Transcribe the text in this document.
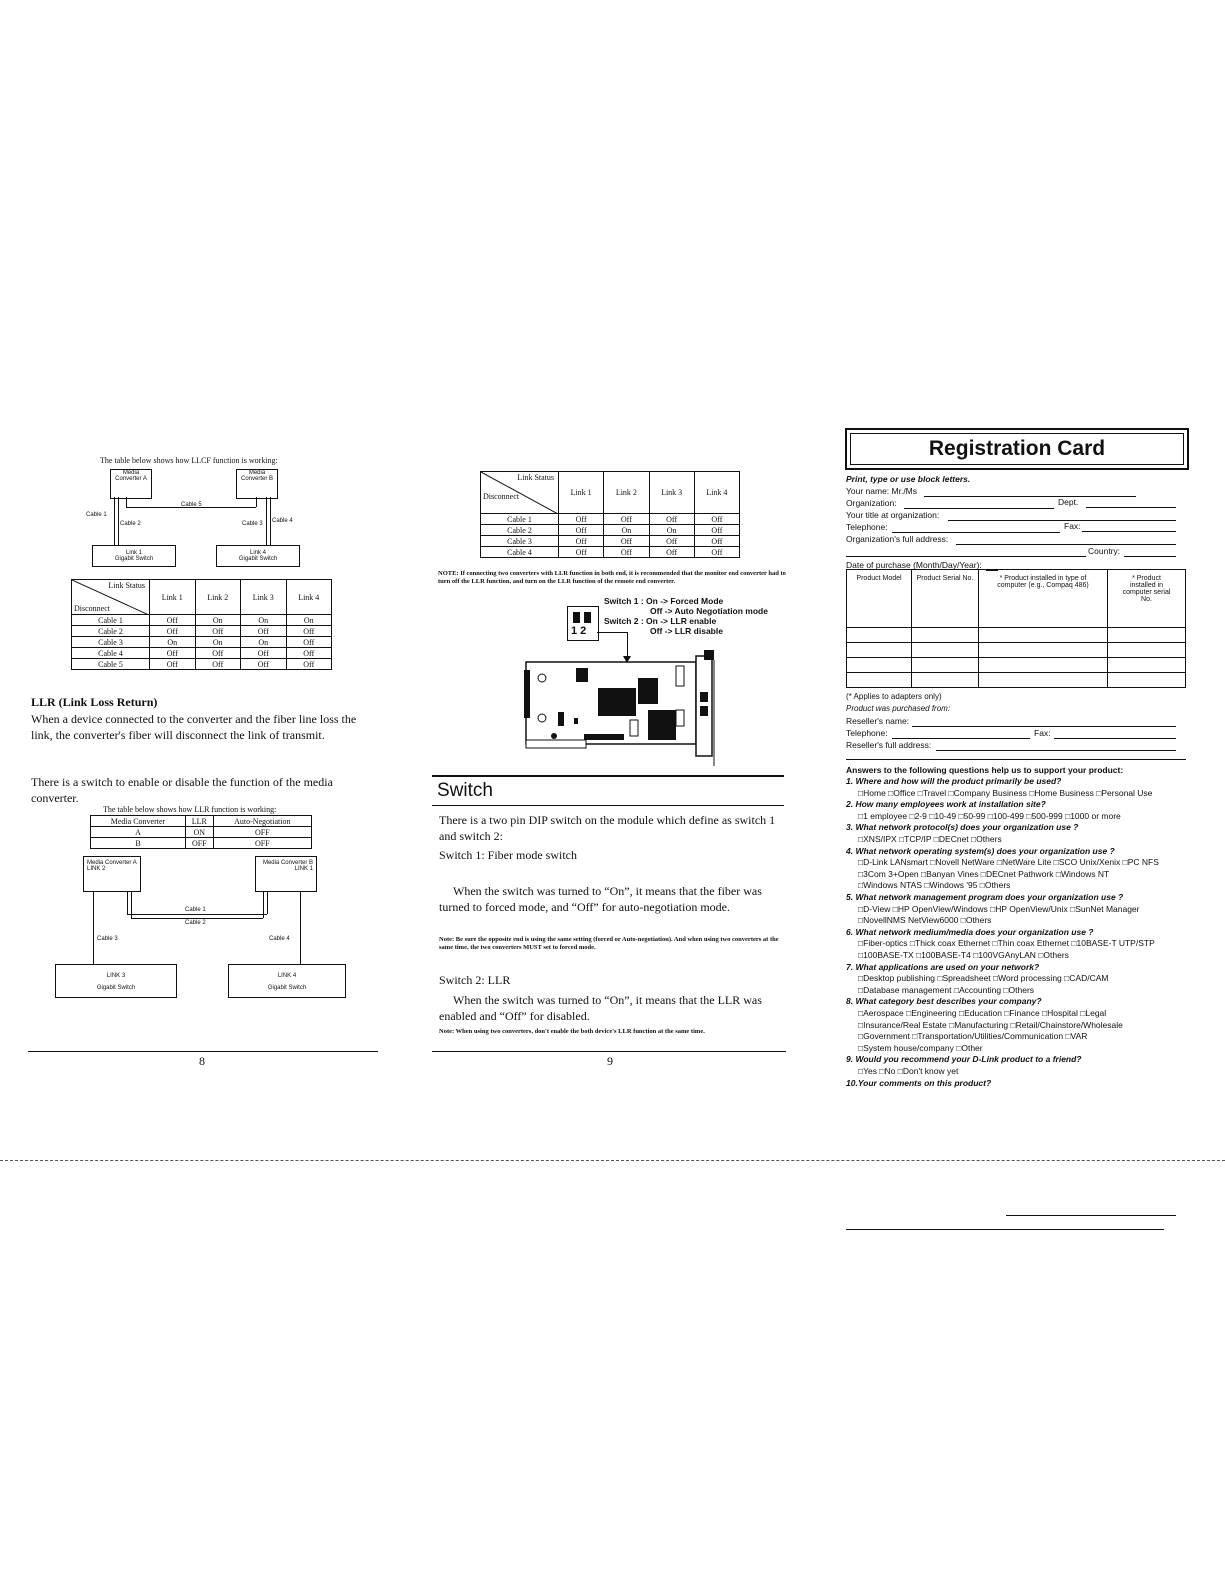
The table below shows how LLCF function is working:
Media Converter A
Media Converter B
Cable 5
Cable 1
Cable 2	Cable 3 Cable 4
Link 1
Gigabit Switch
Link 4
Gigabit Switch
Link Status
Disconnect	Link 1	Link 2	Link 3	Link 4
Cable 1	Off	On	On	On
Cable 2	Off	Off	Off	Off
Cable 3	On	On	On	Off
Cable 4	Off	Off	Off	Off
Cable 5	Off	Off	Off	Off
LLR (Link Loss Return)
When a device connected to the converter and the fiber line loss the link, the converter's fiber will disconnect the link of transmit.
There is a switch to enable or disable the function of the media converter.
The table below shows how LLR function is working:
Media Converter	LLR	Auto-Negotiation
A	ON	OFF
B	OFF	OFF
Media Converter A
LINK 2
Media Converter B
LINK 1
Cable 1
Cable 2
Cable 3	Cable 4
LINK 3
Gigabit Switch
LINK 4
Gigabit Switch
8
Link Status
Disconnect	Link 1	Link 2	Link 3	Link 4
Cable 1	Off	Off	Off	Off
Cable 2	Off	On	On	Off
Cable 3	Off	Off	Off	Off
Cable 4	Off	Off	Off	Off
NOTE: If connecting two converters with LLR function in both end, it is recommended that the monitor end converter had to turn off the LLR function, and turn on the LLR function of the remote end converter.
1 2
Switch 1 : On -> Forced Mode
Off -> Auto Negotiation mode
Switch 2 : On -> LLR enable
Off -> LLR disable
Switch
There is a two pin DIP switch on the module which define as switch 1 and switch 2:
Switch 1: Fiber mode switch
When the switch was turned to “On”, it means that the fiber was turned to forced mode, and “Off” for auto-negotiation mode.
Note: Be sure the opposite end is using the same setting (forced or Auto-negotiation). And when using two converters at the same time, the two converters MUST set to forced mode.
Switch 2: LLR
When the switch was turned to “On”, it means that the LLR was enabled and “Off” for disabled.
Note: When using two converters, don't enable the both device's LLR function at the same time.
9
Registration Card
Print, type or use block letters.
Your name: Mr./Ms
Organization:	Dept.
Your title at organization:
Telephone:	Fax:
Organization's full address:
Country:
Date of purchase (Month/Day/Year):
Product Model	Product Serial No.	* Product installed in type of computer (e.g., Compaq 486)	* Product installed in computer serial No.

(* Applies to adapters only)
Product was purchased from:
Reseller's name:
Telephone:	Fax:
Reseller's full address:
Answers to the following questions help us to support your product:
1. Where and how will the product primarily be used?
□Home □Office □Travel □Company Business □Home Business □Personal Use
2. How many employees work at installation site?
□1 employee □2-9 □10-49 □50-99 □100-499 □500-999 □1000 or more
3. What network protocol(s) does your organization use ?
□XNS/IPX □TCP/IP □DECnet □Others
4. What network operating system(s) does your organization use ?
□D-Link LANsmart □Novell NetWare □NetWare Lite □SCO Unix/Xenix □PC NFS
□3Com 3+Open □Banyan Vines □DECnet Pathwork □Windows NT
□Windows NTAS □Windows '95 □Others
5. What network management program does your organization use ?
□D-View □HP OpenView/Windows □HP OpenView/Unix □SunNet Manager
□NovellNMS NetView6000 □Others
6. What network medium/media does your organization use ?
□Fiber-optics □Thick coax Ethernet □Thin coax Ethernet □10BASE-T UTP/STP
□100BASE-TX □100BASE-T4 □100VGAnyLAN □Others
7. What applications are used on your network?
□Desktop publishing □Spreadsheet □Word processing □CAD/CAM
□Database management □Accounting □Others
8. What category best describes your company?
□Aerospace □Engineering □Education □Finance □Hospital □Legal
□Insurance/Real Estate □Manufacturing □Retail/Chainstore/Wholesale
□Government □Transportation/Utilities/Communication □VAR
□System house/company □Other
9. Would you recommend your D-Link product to a friend?
□Yes □No □Don't know yet
10.Your comments on this product?
